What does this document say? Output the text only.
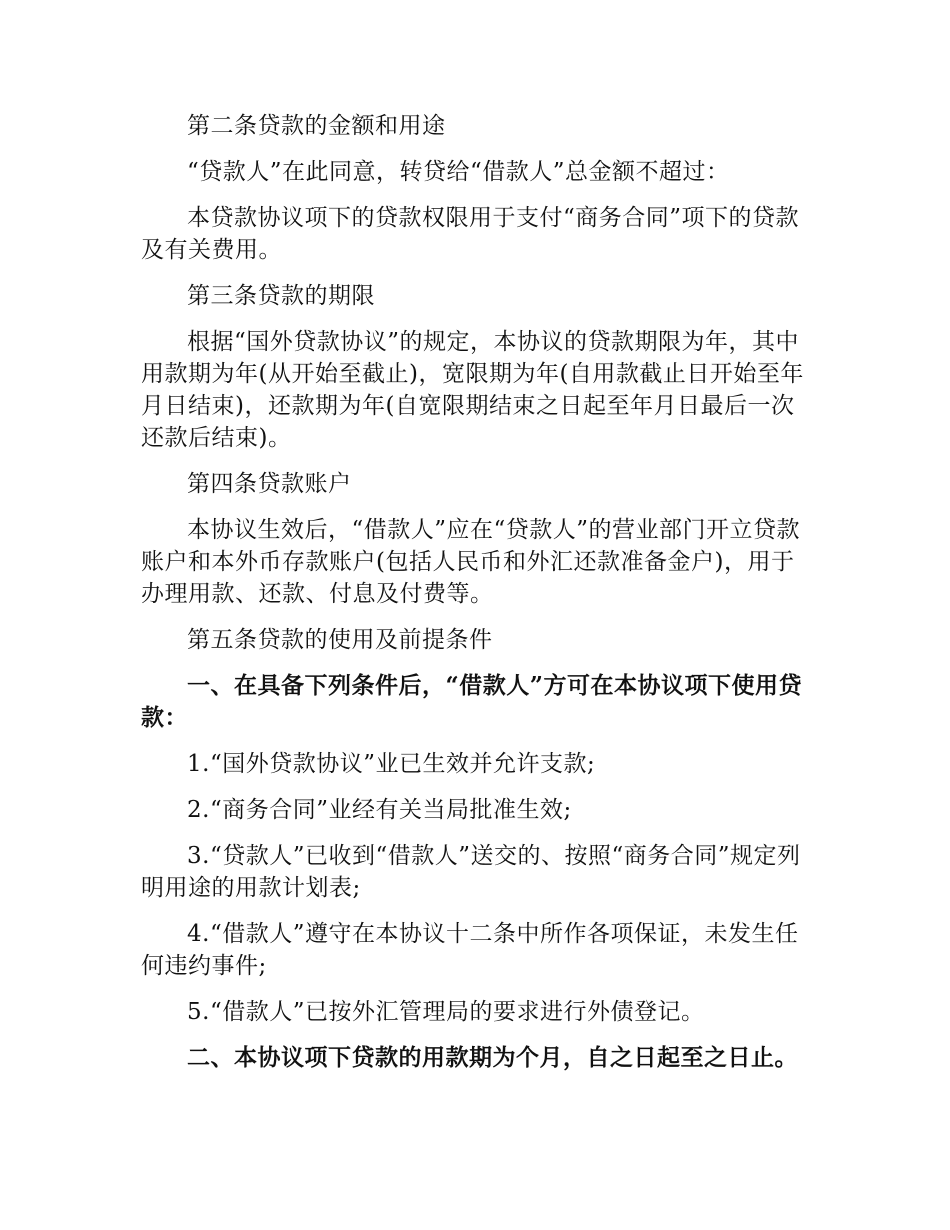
第二条贷款的金额和用途

“贷款人”在此同意，转贷给“借款人”总金额不超过：

本贷款协议项下的贷款权限用于支付“商务合同”项下的贷款及有关费用。

第三条贷款的期限

根据“国外贷款协议”的规定，本协议的贷款期限为年，其中用款期为年(从开始至截止)，宽限期为年(自用款截止日开始至年月日结束)，还款期为年(自宽限期结束之日起至年月日最后一次还款后结束)。

第四条贷款账户

本协议生效后，“借款人”应在“贷款人”的营业部门开立贷款账户和本外币存款账户(包括人民币和外汇还款准备金户)，用于办理用款、还款、付息及付费等。

第五条贷款的使用及前提条件

一、在具备下列条件后，“借款人”方可在本协议项下使用贷款：

1.“国外贷款协议”业已生效并允许支款;

2.“商务合同”业经有关当局批准生效;

3.“贷款人”已收到“借款人”送交的、按照“商务合同”规定列明用途的用款计划表;

4.“借款人”遵守在本协议十二条中所作各项保证，未发生任何违约事件;

5.“借款人”已按外汇管理局的要求进行外债登记。

二、本协议项下贷款的用款期为个月，自之日起至之日止。
